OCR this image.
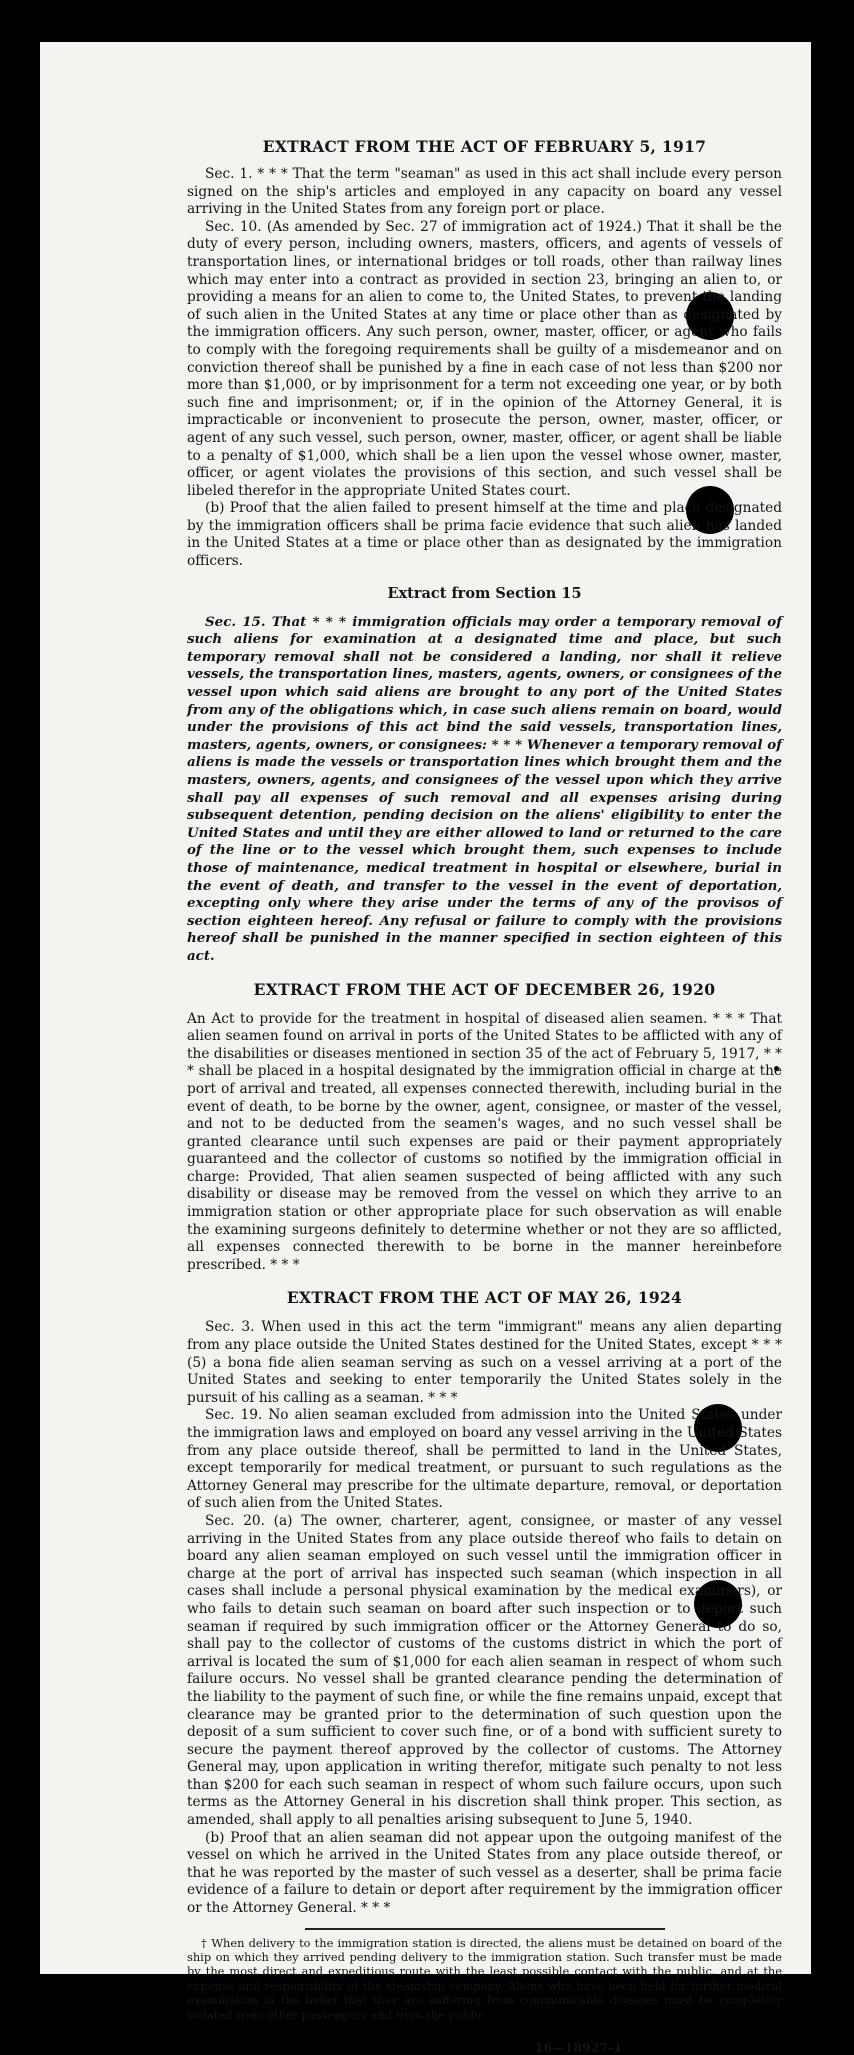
EXTRACT FROM THE ACT OF FEBRUARY 5, 1917

Sec. 1. * * * That the term "seaman" as used in this act shall include every person signed on the ship's articles and employed in any capacity on board any vessel arriving in the United States from any foreign port or place.

Sec. 10. (As amended by Sec. 27 of immigration act of 1924.) That it shall be the duty of every person, including owners, masters, officers, and agents of vessels of transportation lines, or international bridges or toll roads, other than railway lines which may enter into a contract as provided in section 23, bringing an alien to, or providing a means for an alien to come to, the United States, to prevent the landing of such alien in the United States at any time or place other than as designated by the immigration officers. Any such person, owner, master, officer, or agent who fails to comply with the foregoing requirements shall be guilty of a misdemeanor and on conviction thereof shall be punished by a fine in each case of not less than $200 nor more than $1,000, or by imprisonment for a term not exceeding one year, or by both such fine and imprisonment; or, if in the opinion of the Attorney General, it is impracticable or inconvenient to prosecute the person, owner, master, officer, or agent of any such vessel, such person, owner, master, officer, or agent shall be liable to a penalty of $1,000, which shall be a lien upon the vessel whose owner, master, officer, or agent violates the provisions of this section, and such vessel shall be libeled therefor in the appropriate United States court.

(b) Proof that the alien failed to present himself at the time and place designated by the immigration officers shall be prima facie evidence that such alien has landed in the United States at a time or place other than as designated by the immigration officers.

Extract from Section 15

Sec. 15. That * * * immigration officials may order a temporary removal of such aliens for examination at a designated time and place, but such temporary removal shall not be considered a landing, nor shall it relieve vessels, the transportation lines, masters, agents, owners, or consignees of the vessel upon which said aliens are brought to any port of the United States from any of the obligations which, in case such aliens remain on board, would under the provisions of this act bind the said vessels, transportation lines, masters, agents, owners, or consignees: * * * Whenever a temporary removal of aliens is made the vessels or transportation lines which brought them and the masters, owners, agents, and consignees of the vessel upon which they arrive shall pay all expenses of such removal and all expenses arising during subsequent detention, pending decision on the aliens' eligibility to enter the United States and until they are either allowed to land or returned to the care of the line or to the vessel which brought them, such expenses to include those of maintenance, medical treatment in hospital or elsewhere, burial in the event of death, and transfer to the vessel in the event of deportation, excepting only where they arise under the terms of any of the provisos of section eighteen hereof. Any refusal or failure to comply with the provisions hereof shall be punished in the manner specified in section eighteen of this act.

EXTRACT FROM THE ACT OF DECEMBER 26, 1920

An Act to provide for the treatment in hospital of diseased alien seamen. * * * That alien seamen found on arrival in ports of the United States to be afflicted with any of the disabilities or diseases mentioned in section 35 of the act of February 5, 1917, * * * shall be placed in a hospital designated by the immigration official in charge at the port of arrival and treated, all expenses connected therewith, including burial in the event of death, to be borne by the owner, agent, consignee, or master of the vessel, and not to be deducted from the seamen's wages, and no such vessel shall be granted clearance until such expenses are paid or their payment appropriately guaranteed and the collector of customs so notified by the immigration official in charge: Provided, That alien seamen suspected of being afflicted with any such disability or disease may be removed from the vessel on which they arrive to an immigration station or other appropriate place for such observation as will enable the examining surgeons definitely to determine whether or not they are so afflicted, all expenses connected therewith to be borne in the manner hereinbefore prescribed. * * *

EXTRACT FROM THE ACT OF MAY 26, 1924

Sec. 3. When used in this act the term "immigrant" means any alien departing from any place outside the United States destined for the United States, except * * * (5) a bona fide alien seaman serving as such on a vessel arriving at a port of the United States and seeking to enter temporarily the United States solely in the pursuit of his calling as a seaman. * * *

Sec. 19. No alien seaman excluded from admission into the United States under the immigration laws and employed on board any vessel arriving in the United States from any place outside thereof, shall be permitted to land in the United States, except temporarily for medical treatment, or pursuant to such regulations as the Attorney General may prescribe for the ultimate departure, removal, or deportation of such alien from the United States.

Sec. 20. (a) The owner, charterer, agent, consignee, or master of any vessel arriving in the United States from any place outside thereof who fails to detain on board any alien seaman employed on such vessel until the immigration officer in charge at the port of arrival has inspected such seaman (which inspection in all cases shall include a personal physical examination by the medical examiners), or who fails to detain such seaman on board after such inspection or to deport such seaman if required by such immigration officer or the Attorney General to do so, shall pay to the collector of customs of the customs district in which the port of arrival is located the sum of $1,000 for each alien seaman in respect of whom such failure occurs. No vessel shall be granted clearance pending the determination of the liability to the payment of such fine, or while the fine remains unpaid, except that clearance may be granted prior to the determination of such question upon the deposit of a sum sufficient to cover such fine, or of a bond with sufficient surety to secure the payment thereof approved by the collector of customs. The Attorney General may, upon application in writing therefor, mitigate such penalty to not less than $200 for each such seaman in respect of whom such failure occurs, upon such terms as the Attorney General in his discretion shall think proper. This section, as amended, shall apply to all penalties arising subsequent to June 5, 1940.

(b) Proof that an alien seaman did not appear upon the outgoing manifest of the vessel on which he arrived in the United States from any place outside thereof, or that he was reported by the master of such vessel as a deserter, shall be prima facie evidence of a failure to detain or deport after requirement by the immigration officer or the Attorney General. * * *

† When delivery to the immigration station is directed, the aliens must be detained on board of the ship on which they arrived pending delivery to the immigration station. Such transfer must be made by the most direct and expeditious route with the least possible contact with the public, and at the expense and responsibility of the steamship company. Aliens who have been held for further medical examination in the belief that they are suffering from communicable diseases must be completely isolated from other passengers and from the public.

16—18927-1
